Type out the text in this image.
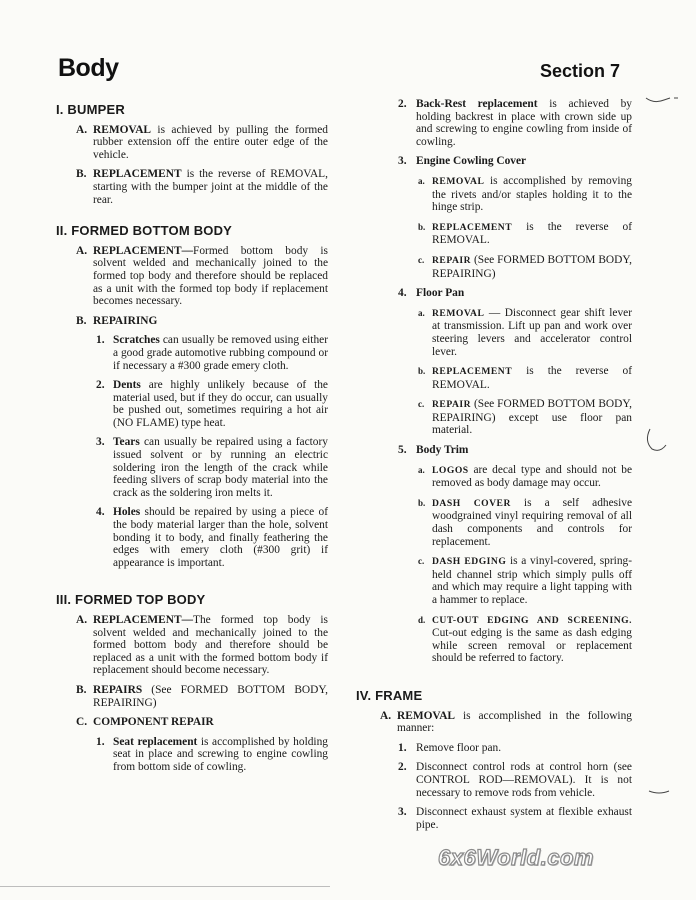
Body	Section 7
I. BUMPER
A. REMOVAL is achieved by pulling the formed rubber extension off the entire outer edge of the vehicle.
B. REPLACEMENT is the reverse of REMOVAL, starting with the bumper joint at the middle of the rear.
II. FORMED BOTTOM BODY
A. REPLACEMENT—Formed bottom body is solvent welded and mechanically joined to the formed top body and therefore should be replaced as a unit with the formed top body if replacement becomes necessary.
B. REPAIRING
1. Scratches can usually be removed using either a good grade automotive rubbing compound or if necessary a #300 grade emery cloth.
2. Dents are highly unlikely because of the material used, but if they do occur, can usually be pushed out, sometimes requiring a hot air (NO FLAME) type heat.
3. Tears can usually be repaired using a factory issued solvent or by running an electric soldering iron the length of the crack while feeding slivers of scrap body material into the crack as the soldering iron melts it.
4. Holes should be repaired by using a piece of the body material larger than the hole, solvent bonding it to body, and finally feathering the edges with emery cloth (#300 grit) if appearance is important.
III. FORMED TOP BODY
A. REPLACEMENT—The formed top body is solvent welded and mechanically joined to the formed bottom body and therefore should be replaced as a unit with the formed bottom body if replacement should become necessary.
B. REPAIRS (See FORMED BOTTOM BODY, REPAIRING)
C. COMPONENT REPAIR
1. Seat replacement is accomplished by holding seat in place and screwing to engine cowling from bottom side of cowling.
2. Back-Rest replacement is achieved by holding backrest in place with crown side up and screwing to engine cowling from inside of cowling.
3. Engine Cowling Cover
a. REMOVAL is accomplished by removing the rivets and/or staples holding it to the hinge strip.
b. REPLACEMENT is the reverse of REMOVAL.
c. REPAIR (See FORMED BOTTOM BODY, REPAIRING)
4. Floor Pan
a. REMOVAL — Disconnect gear shift lever at transmission. Lift up pan and work over steering levers and accelerator control lever.
b. REPLACEMENT is the reverse of REMOVAL.
c. REPAIR (See FORMED BOTTOM BODY, REPAIRING) except use floor pan material.
5. Body Trim
a. LOGOS are decal type and should not be removed as body damage may occur.
b. DASH COVER is a self adhesive woodgrained vinyl requiring removal of all dash components and controls for replacement.
c. DASH EDGING is a vinyl-covered, spring-held channel strip which simply pulls off and which may require a light tapping with a hammer to replace.
d. CUT-OUT EDGING AND SCREENING. Cut-out edging is the same as dash edging while screen removal or replacement should be referred to factory.
IV. FRAME
A. REMOVAL is accomplished in the following manner:
1. Remove floor pan.
2. Disconnect control rods at control horn (see CONTROL ROD—REMOVAL). It is not necessary to remove rods from vehicle.
3. Disconnect exhaust system at flexible exhaust pipe.
6x6World.com
